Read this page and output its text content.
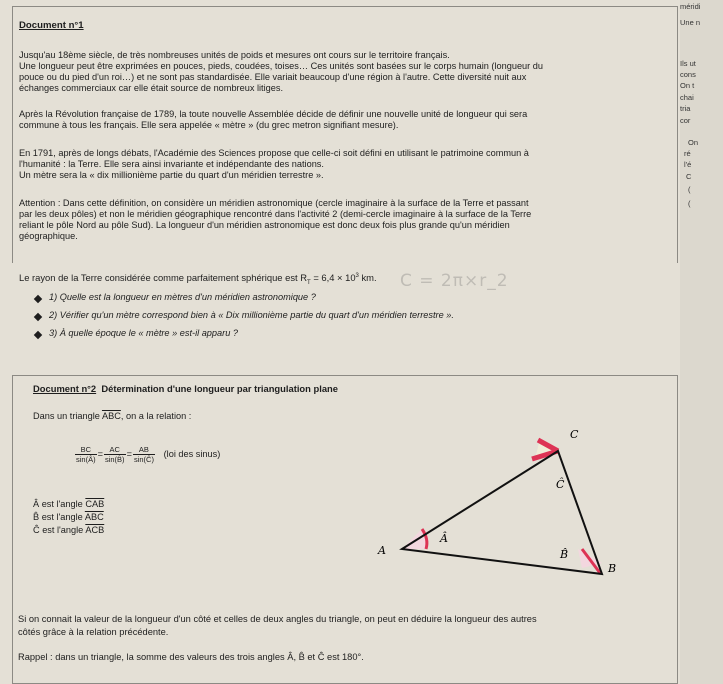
méridi
Une n
Ils ut
cons
On t
chai
tria
cor
On
ré
l'é
C
(
(
Document n°1
Jusqu'au 18ème siècle, de très nombreuses unités de poids et mesures ont cours sur le territoire français.
Une longueur peut être exprimées en pouces, pieds, coudées, toises… Ces unités sont basées sur le corps humain (longueur du
pouce ou du pied d'un roi…) et ne sont pas standardisée. Elle variait beaucoup d'une région à l'autre. Cette diversité nuit aux
échanges commerciaux car elle était source de nombreux litiges.
Après la Révolution française de 1789, la toute nouvelle Assemblée décide de définir une nouvelle unité de longueur qui sera
commune à tous les français. Elle sera appelée « mètre » (du grec metron signifiant mesure).
En 1791, après de longs débats, l'Académie des Sciences propose que celle-ci soit défini en utilisant le patrimoine commun à
l'humanité : la Terre. Elle sera ainsi invariante et indépendante des nations.
Un mètre sera la « dix millionième partie du quart d'un méridien terrestre ».
Attention : Dans cette définition, on considère un méridien astronomique (cercle imaginaire à la surface de la Terre et passant
par les deux pôles) et non le méridien géographique rencontré dans l'activité 2 (demi-cercle imaginaire à la surface de la Terre
reliant le pôle Nord au pôle Sud). La longueur d'un méridien astronomique est donc deux fois plus grande qu'un méridien
géographique.
Le rayon de la Terre considérée comme parfaitement sphérique est $R_T = 6,4 \times 10^3$ km. C = 2π×r_2
1) Quelle est la longueur en mètres d'un méridien astronomique ?
2) Vérifier qu'un mètre correspond bien à « Dix millionième partie du quart d'un méridien terrestre ».
3) À quelle époque le « mètre » est-il apparu ?
Document n°2 Détermination d'une longueur par triangulation plane
Dans un triangle $\overline{ABC}$, on a la relation :
$\frac{BC}{\sin(Â)} = \frac{AC}{\sin(B̂)} = \frac{AB}{\sin(Ĉ)} (loi$ des sinus)
Â est l'angle $\overline{CAB}$
B̂ est l'angle $\overline{ABC}$
Ĉ est l'angle $\overline{ACB}$
C
A
B
Ĉ
Â
B̂
Si on connait la valeur de la longueur d'un côté et celles de deux angles du triangle, on peut en déduire la longueur des autres
côtés grâce à la relation précédente.
Rappel : dans un triangle, la somme des valeurs des trois angles Â, B̂ et Ĉ est 180°.
